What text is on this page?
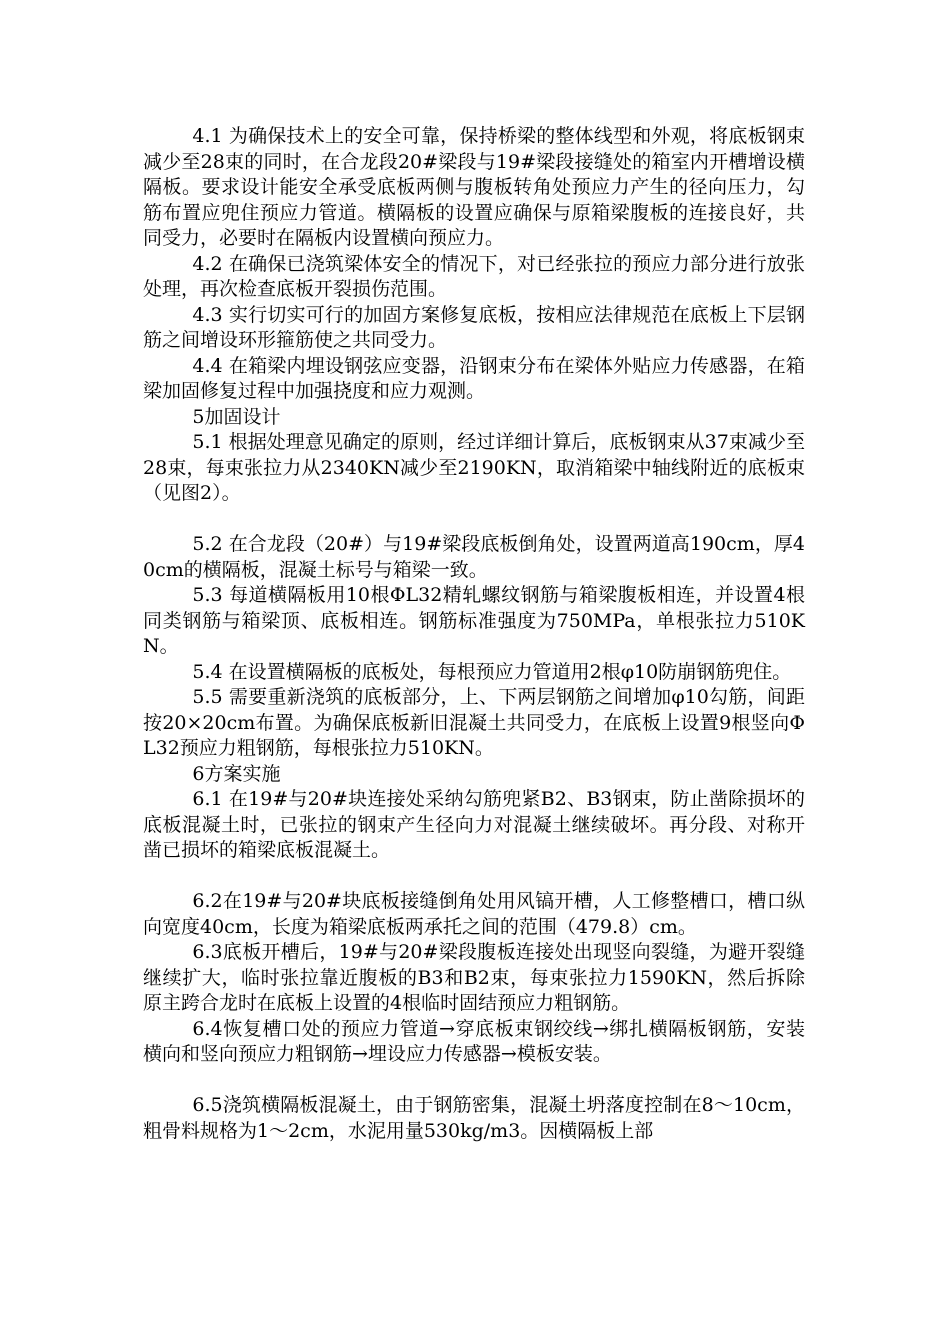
4.1 为确保技术上的安全可靠，保持桥梁的整体线型和外观，将底板钢束减少至28束的同时，在合龙段20#梁段与19#梁段接缝处的箱室内开槽增设横隔板。要求设计能安全承受底板两侧与腹板转角处预应力产生的径向压力，勾筋布置应兜住预应力管道。横隔板的设置应确保与原箱梁腹板的连接良好，共同受力，必要时在隔板内设置横向预应力。

4.2 在确保已浇筑梁体安全的情况下，对已经张拉的预应力部分进行放张处理，再次检查底板开裂损伤范围。

4.3 实行切实可行的加固方案修复底板，按相应法律规范在底板上下层钢筋之间增设环形箍筋使之共同受力。

4.4 在箱梁内埋设钢弦应变器，沿钢束分布在梁体外贴应力传感器，在箱梁加固修复过程中加强挠度和应力观测。

5加固设计

5.1 根据处理意见确定的原则，经过详细计算后，底板钢束从37束减少至28束，每束张拉力从2340KN减少至2190KN，取消箱梁中轴线附近的底板束（见图2）。

5.2 在合龙段（20#）与19#梁段底板倒角处，设置两道高190cm，厚40cm的横隔板，混凝土标号与箱梁一致。

5.3 每道横隔板用10根ΦL32精轧螺纹钢筋与箱梁腹板相连，并设置4根同类钢筋与箱梁顶、底板相连。钢筋标准强度为750MPa，单根张拉力510KN。

5.4 在设置横隔板的底板处，每根预应力管道用2根φ10防崩钢筋兜住。

5.5 需要重新浇筑的底板部分，上、下两层钢筋之间增加φ10勾筋，间距按20×20cm布置。为确保底板新旧混凝土共同受力，在底板上设置9根竖向ΦL32预应力粗钢筋，每根张拉力510KN。

6方案实施

6.1 在19#与20#块连接处采纳勾筋兜紧B2、B3钢束，防止凿除损坏的底板混凝土时，已张拉的钢束产生径向力对混凝土继续破坏。再分段、对称开凿已损坏的箱梁底板混凝土。

6.2在19#与20#块底板接缝倒角处用风镐开槽，人工修整槽口，槽口纵向宽度40cm，长度为箱梁底板两承托之间的范围（479.8）cm。

6.3底板开槽后，19#与20#梁段腹板连接处出现竖向裂缝，为避开裂缝继续扩大，临时张拉靠近腹板的B3和B2束，每束张拉力1590KN，然后拆除原主跨合龙时在底板上设置的4根临时固结预应力粗钢筋。

6.4恢复槽口处的预应力管道→穿底板束钢绞线→绑扎横隔板钢筋，安装横向和竖向预应力粗钢筋→埋设应力传感器→模板安装。

6.5浇筑横隔板混凝土，由于钢筋密集，混凝土坍落度控制在8～10cm，粗骨料规格为1～2cm，水泥用量530kg/m3。因横隔板上部
